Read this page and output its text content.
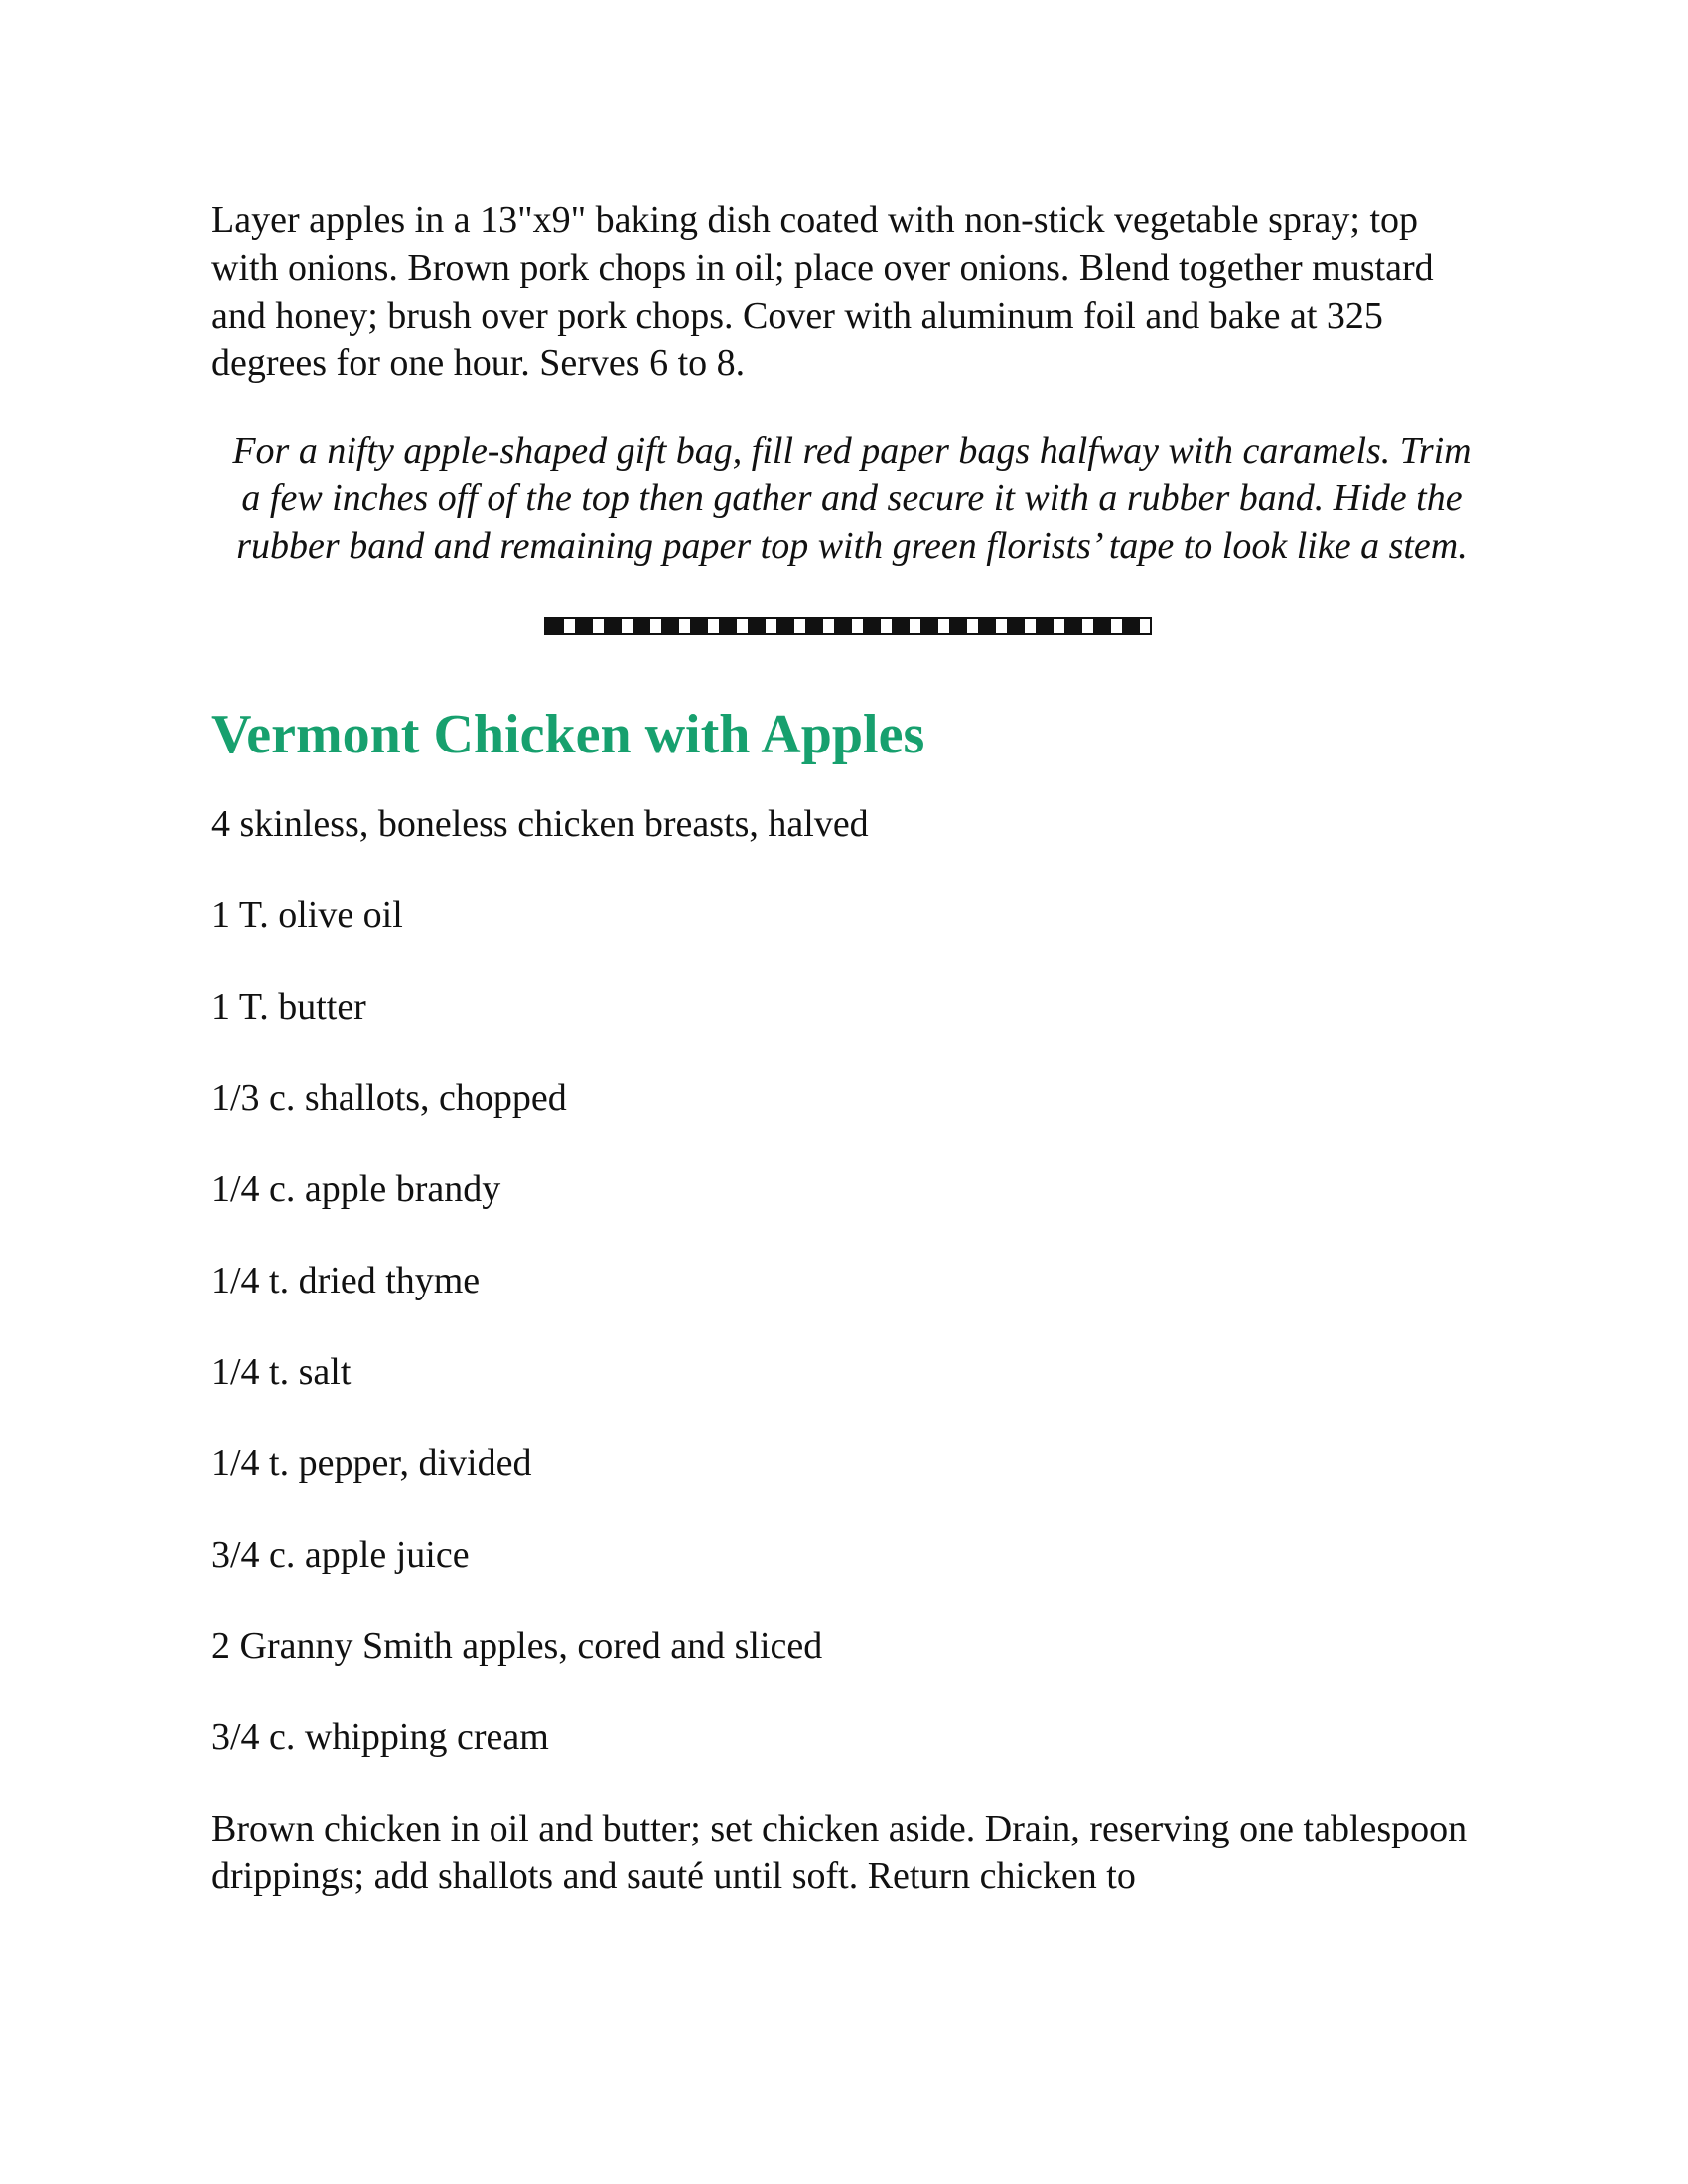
Layer apples in a 13"x9" baking dish coated with non-stick vegetable spray; top with onions. Brown pork chops in oil; place over onions. Blend together mustard and honey; brush over pork chops. Cover with aluminum foil and bake at 325 degrees for one hour. Serves 6 to 8.

For a nifty apple-shaped gift bag, fill red paper bags halfway with caramels. Trim a few inches off of the top then gather and secure it with a rubber band. Hide the rubber band and remaining paper top with green florists’ tape to look like a stem.

Vermont Chicken with Apples
4 skinless, boneless chicken breasts, halved
1 T. olive oil
1 T. butter
1/3 c. shallots, chopped
1/4 c. apple brandy
1/4 t. dried thyme
1/4 t. salt
1/4 t. pepper, divided
3/4 c. apple juice
2 Granny Smith apples, cored and sliced
3/4 c. whipping cream

Brown chicken in oil and butter; set chicken aside. Drain, reserving one tablespoon drippings; add shallots and sauté until soft. Return chicken to
